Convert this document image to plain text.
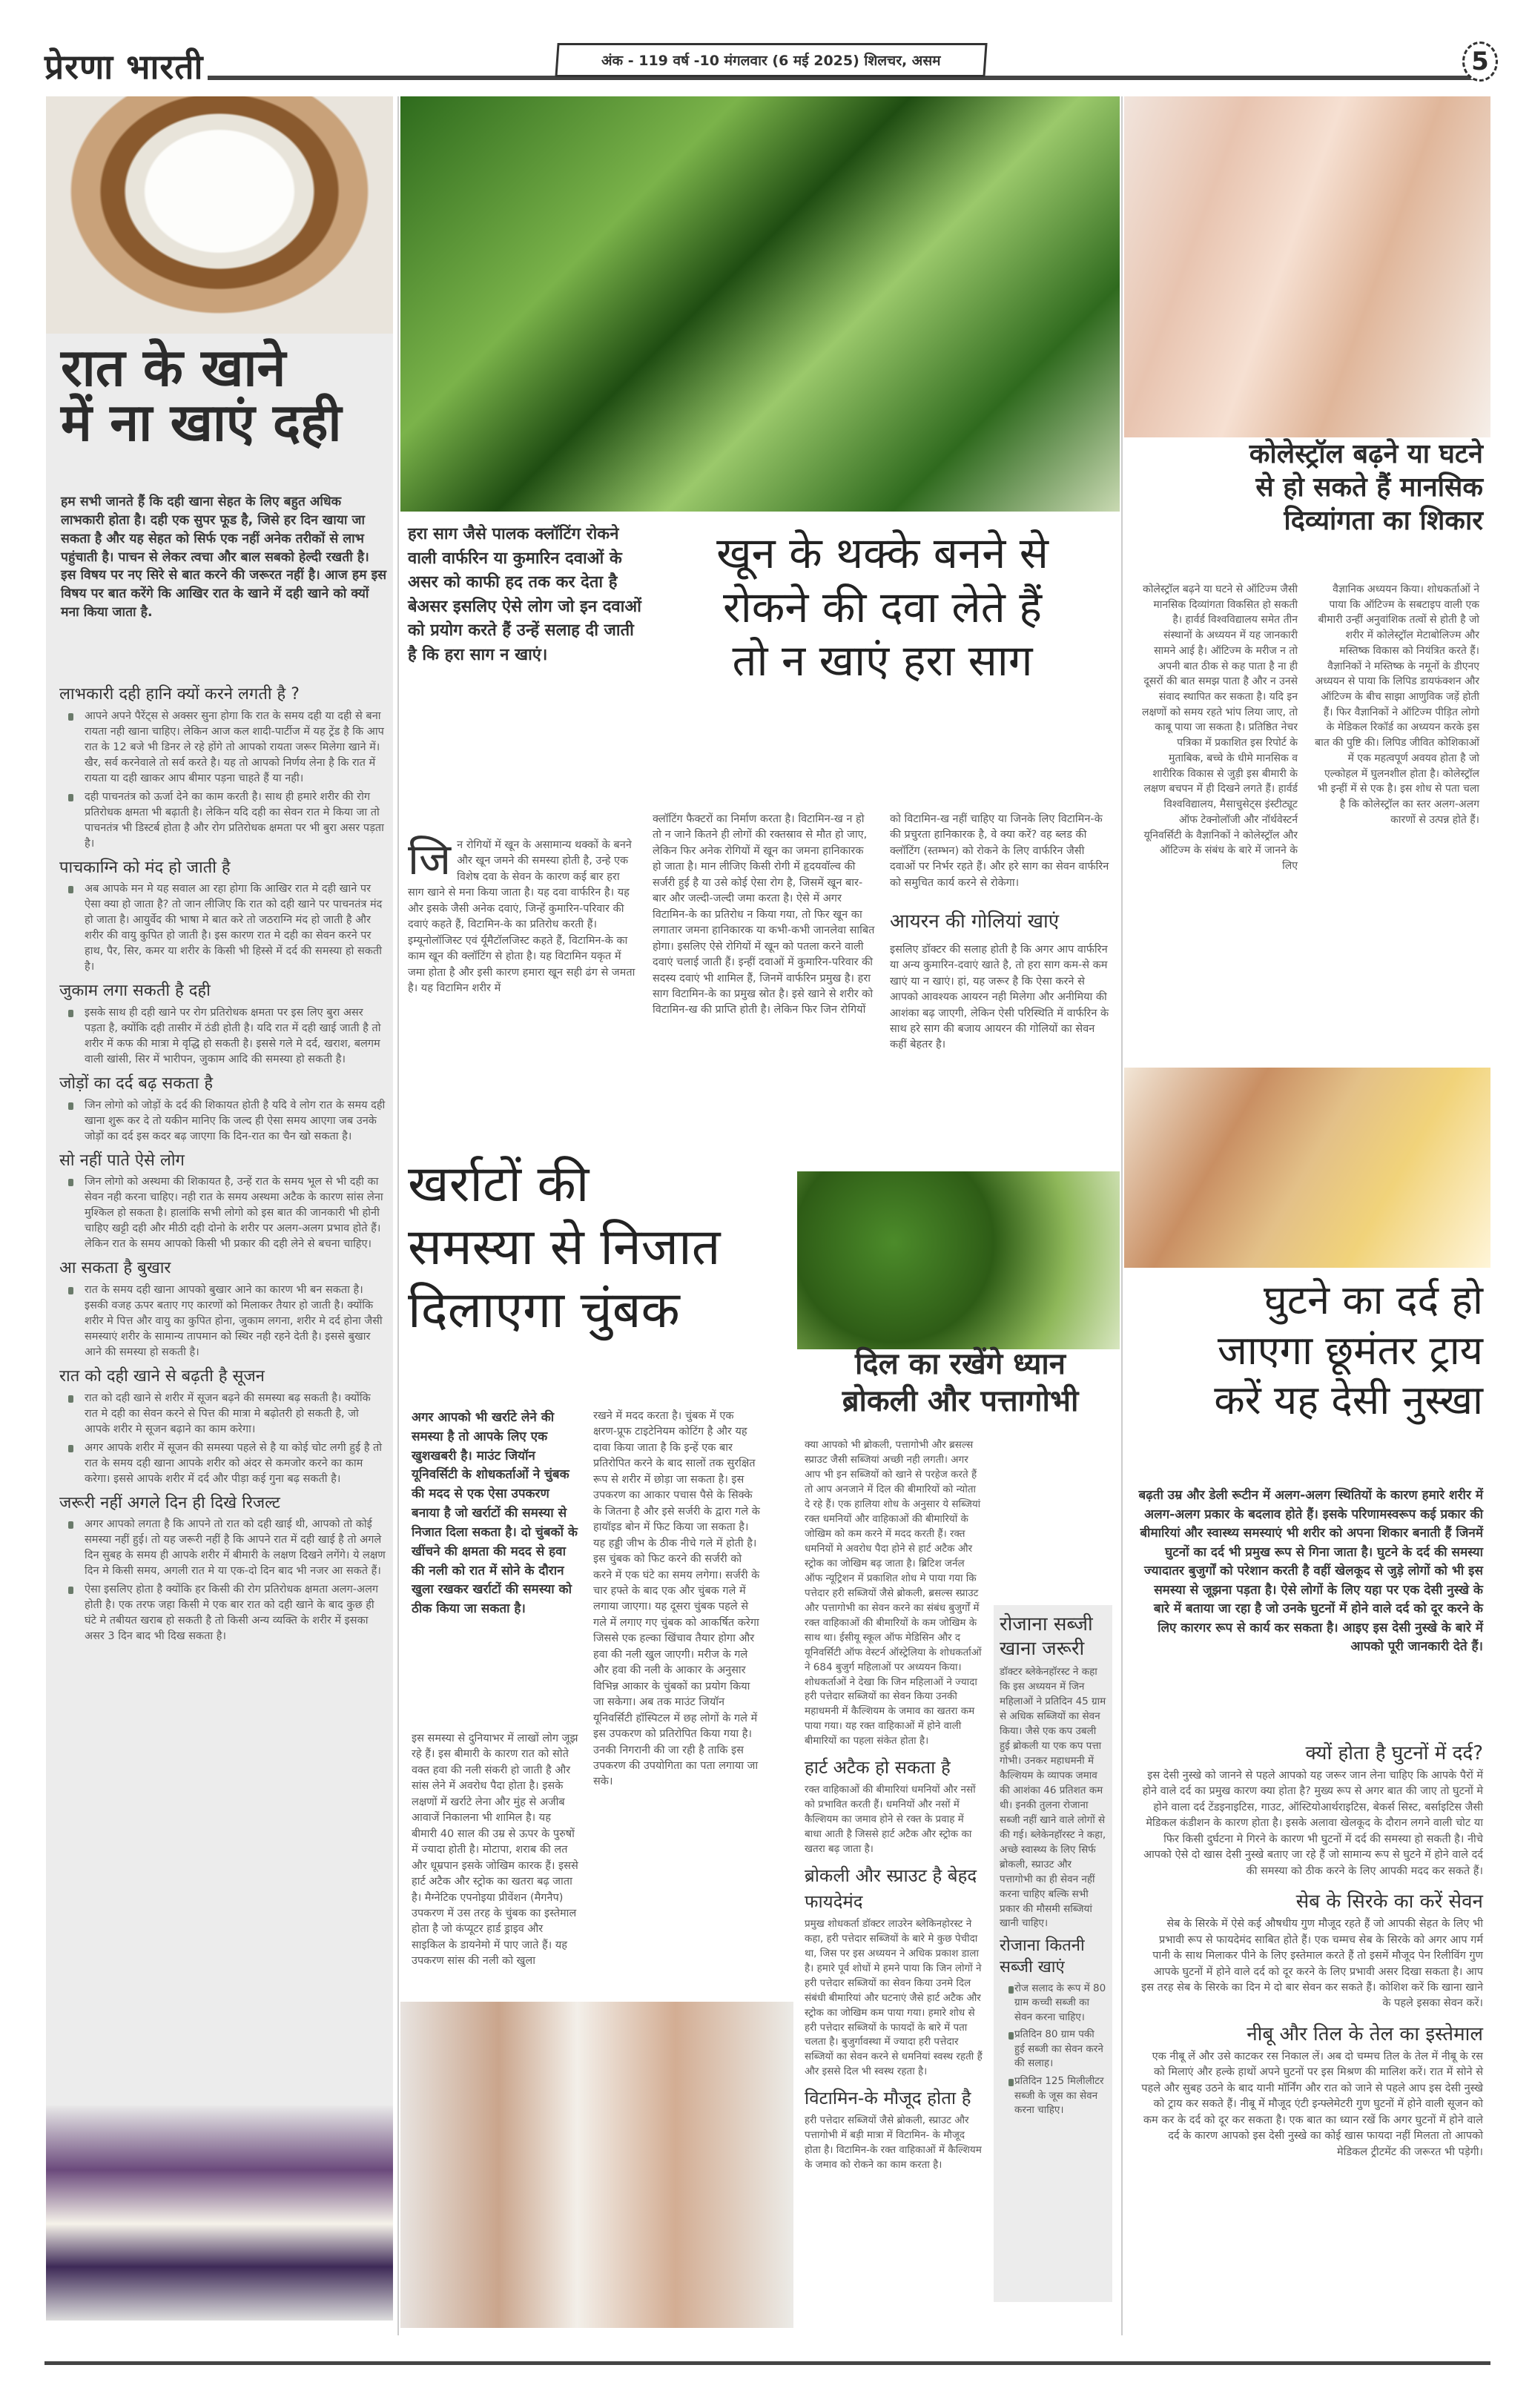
प्रेरणा भारती	अंक - 119 वर्ष -10 मंगलवार (6 मई 2025) शिलचर, असम	5
रात के खाने
में ना खाएं दही
हम सभी जानते हैं कि दही खाना सेहत के लिए बहुत अधिक लाभकारी होता है। दही एक सुपर फूड है, जिसे हर दिन खाया जा सकता है और यह सेहत को सिर्फ एक नहीं अनेक तरीकों से लाभ पहुंचाती है। पाचन से लेकर त्वचा और बाल सबको हेल्दी रखती है। इस विषय पर नए सिरे से बात करने की जरूरत नहीं है। आज हम इस विषय पर बात करेंगे कि आखिर रात के खाने में दही खाने को क्यों मना किया जाता है.
लाभकारी दही हानि क्यों करने लगती है ?
आपने अपने पैरेंट्स से अक्सर सुना होगा कि रात के समय दही या दही से बना रायता नही खाना चाहिए। लेकिन आज कल शादी-पार्टीज में यह ट्रेंड है कि आप रात के 12 बजे भी डिनर ले रहे होंगे तो आपको रायता जरूर मिलेगा खाने में। खैर, सर्व करनेवाले तो सर्व करते है। यह तो आपको निर्णय लेना है कि रात में रायता या दही खाकर आप बीमार पड़ना चाहते हैं या नही।
दही पाचनतंत्र को ऊर्जा देने का काम करती है। साथ ही हमारे शरीर की रोग प्रतिरोधक क्षमता भी बढ़ाती है। लेकिन यदि दही का सेवन रात मे किया जा तो पाचनतंत्र भी डिस्टर्ब होता है और रोग प्रतिरोधक क्षमता पर भी बुरा असर पड़ता है।
पाचकाग्नि को मंद हो जाती है
अब आपके मन मे यह सवाल आ रहा होगा कि आखिर रात मे दही खाने पर ऐसा क्या हो जाता है? तो जान लीजिए कि रात को दही खाने पर पाचनतंत्र मंद हो जाता है। आयुर्वेद की भाषा मे बात करे तो जठराग्नि मंद हो जाती है और शरीर की वायु कुपित हो जाती है। इस कारण रात मे दही का सेवन करने पर हाथ, पैर, सिर, कमर या शरीर के किसी भी हिस्से में दर्द की समस्या हो सकती है।
जुकाम लगा सकती है दही
इसके साथ ही दही खाने पर रोग प्रतिरोधक क्षमता पर इस लिए बुरा असर पड़ता है, क्योंकि दही तासीर में ठंडी होती है। यदि रात में दही खाई जाती है तो शरीर में कफ की मात्रा मे वृद्धि हो सकती है। इससे गले मे दर्द, खराश, बलगम वाली खांसी, सिर में भारीपन, जुकाम आदि की समस्या हो सकती है।
जोड़ों का दर्द बढ़ सकता है
जिन लोगो को जोड़ों के दर्द की शिकायत होती है यदि वे लोग रात के समय दही खाना शुरू कर दे तो यकीन मानिए कि जल्द ही ऐसा समय आएगा जब उनके जोड़ों का दर्द इस कदर बढ़ जाएगा कि दिन-रात का चैन खो सकता है।
सो नहीं पाते ऐसे लोग
जिन लोगो को अस्थमा की शिकायत है, उन्हें रात के समय भूल से भी दही का सेवन नही करना चाहिए। नही रात के समय अस्थमा अटैक के कारण सांस लेना मुश्किल हो सकता है। हालांकि सभी लोगो को इस बात की जानकारी भी होनी चाहिए खट्टी दही और मीठी दही दोनो के शरीर पर अलग-अलग प्रभाव होते हैं। लेकिन रात के समय आपको किसी भी प्रकार की दही लेने से बचना चाहिए।
आ सकता है बुखार
रात के समय दही खाना आपको बुखार आने का कारण भी बन सकता है। इसकी वजह ऊपर बताए गए कारणों को मिलाकर तैयार हो जाती है। क्योंकि शरीर मे पित्त और वायु का कुपित होना, जुकाम लगना, शरीर मे दर्द होना जैसी समस्याएं शरीर के सामान्य तापमान को स्थिर नही रहने देती है। इससे बुखार आने की समस्या हो सकती है।
रात को दही खाने से बढ़ती है सूजन
रात को दही खाने से शरीर में सूजन बढ़ने की समस्या बढ़ सकती है। क्योंकि रात मे दही का सेवन करने से पित्त की मात्रा मे बढ़ोतरी हो सकती है, जो आपके शरीर मे सूजन बढ़ाने का काम करेगा।
अगर आपके शरीर में सूजन की समस्या पहले से है या कोई चोट लगी हुई है तो रात के समय दही खाना आपके शरीर को अंदर से कमजोर करने का काम करेगा। इससे आपके शरीर में दर्द और पीड़ा कई गुना बढ़ सकती है।
जरूरी नहीं अगले दिन ही दिखे रिजल्ट
अगर आपको लगता है कि आपने तो रात को दही खाई थी, आपको तो कोई समस्या नहीं हुई। तो यह जरूरी नहीं है कि आपने रात में दही खाई है तो अगले दिन सुबह के समय ही आपके शरीर में बीमारी के लक्षण दिखने लगेंगे। ये लक्षण दिन मे किसी समय, अगली रात मे या एक-दो दिन बाद भी नजर आ सकते हैं।
ऐसा इसलिए होता है क्योंकि हर किसी की रोग प्रतिरोधक क्षमता अलग-अलग होती है। एक तरफ जहा किसी मे एक बार रात को दही खाने के बाद कुछ ही घंटे मे तबीयत खराब हो सकती है तो किसी अन्य व्यक्ति के शरीर में इसका असर 3 दिन बाद भी दिख सकता है।
हरा साग जैसे पालक क्लॉटिंग रोकने वाली वार्फरिन या कुमारिन दवाओं के असर को काफी हद तक कर देता है बेअसर इसलिए ऐसे लोग जो इन दवाओं को प्रयोग करते हैं उन्हें सलाह दी जाती है कि हरा साग न खाएं।
खून के थक्के बनने से
रोकने की दवा लेते हैं
तो न खाएं हरा साग
जिन रोगियों में खून के असामान्य थक्कों के बनने और खून जमने की समस्या होती है, उन्हे एक विशेष दवा के सेवन के कारण कई बार हरा साग खाने से मना किया जाता है। यह दवा वार्फरिन है। यह और इसके जैसी अनेक दवाएं, जिन्हें कुमारिन-परिवार की दवाएं कहते हैं, विटामिन-के का प्रतिरोध करती हैं। इम्यूनोलॉजिस्ट एवं र्यूमैटॉलजिस्ट कहते हैं, विटामिन-के का काम खून की क्लॉटिंग से होता है। यह विटामिन यकृत में जमा होता है और इसी कारण हमारा खून सही ढंग से जमता है। यह विटामिन शरीर में
क्लॉटिंग फैक्टरों का निर्माण करता है। विटामिन-ख न हो तो न जाने कितने ही लोगों की रक्तस्राव से मौत हो जाए, लेकिन फिर अनेक रोगियों में खून का जमना हानिकारक हो जाता है। मान लीजिए किसी रोगी में हृदयवॉल्व की सर्जरी हुई है या उसे कोई ऐसा रोग है, जिसमें खून बार-बार और जल्दी-जल्दी जमा करता है। ऐसे में अगर विटामिन-के का प्रतिरोध न किया गया, तो फिर खून का लगातार जमना हानिकारक या कभी-कभी जानलेवा साबित होगा। इसलिए ऐसे रोगियों में खून को पतला करने वाली दवाएं चलाई जाती हैं। इन्हीं दवाओं में कुमारिन-परिवार की सदस्य दवाएं भी शामिल हैं, जिनमें वार्फरिन प्रमुख है। हरा साग विटामिन-के का प्रमुख स्रोत है। इसे खाने से शरीर को विटामिन-ख की प्राप्ति होती है। लेकिन फिर जिन रोगियों
को विटामिन-ख नहीं चाहिए या जिनके लिए विटामिन-के की प्रचुरता हानिकारक है, वे क्या करें? वह ब्लड की क्लॉटिंग (स्तम्भन) को रोकने के लिए वार्फरिन जैसी दवाओं पर निर्भर रहते हैं। और हरे साग का सेवन वार्फरिन को समुचित कार्य करने से रोकेगा।
आयरन की गोलियां खाएं
इसलिए डॉक्टर की सलाह होती है कि अगर आप वार्फरिन या अन्य कुमारिन-दवाएं खाते है, तो हरा साग कम-से कम खाएं या न खाएं। हां, यह जरूर है कि ऐसा करने से आपको आवश्यक आयरन नही मिलेगा और अनीमिया की आशंका बढ़ जाएगी, लेकिन ऐसी परिस्थिति में वार्फरिन के साथ हरे साग की बजाय आयरन की गोलियों का सेवन कहीं बेहतर है।
कोलेस्ट्रॉल बढ़ने या घटने
से हो सकते हैं मानसिक
दिव्यांगता का शिकार
कोलेस्ट्रॉल बढ़ने या घटने से ऑटिज्म जैसी मानसिक दिव्यांगता विकसित हो सकती है। हार्वर्ड विश्वविद्यालय समेत तीन संस्थानों के अध्ययन में यह जानकारी सामने आई है। ऑटिज्म के मरीज न तो अपनी बात ठीक से कह पाता है ना ही दूसरों की बात समझ पाता है और न उनसे संवाद स्थापित कर सकता है। यदि इन लक्षणों को समय रहते भांप लिया जाए, तो काबू पाया जा सकता है। प्रतिष्ठित नेचर पत्रिका में प्रकाशित इस रिपोर्ट के मुताबिक, बच्चे के धीमे मानसिक व शारीरिक विकास से जुड़ी इस बीमारी के लक्षण बचपन में ही दिखने लगते हैं। हार्वर्ड विश्वविद्यालय, मैसाचुसेट्स इंस्टीट्यूट ऑफ टेक्नोलॉजी और नॉर्थवेस्टर्न यूनिवर्सिटी के वैज्ञानिकों ने कोलेस्ट्रॉल और ऑटिज्म के संबंध के बारे में जानने के लिए
वैज्ञानिक अध्ययन किया। शोधकर्ताओं ने पाया कि ऑटिज्म के सबटाइप वाली एक बीमारी उन्हीं अनुवांशिक तत्वों से होती है जो शरीर में कोलेस्ट्रॉल मेटाबोलिज्म और मस्तिष्क विकास को नियंत्रित करते हैं। वैज्ञानिकों ने मस्तिष्क के नमूनों के डीएनए अध्ययन से पाया कि लिपिड डायफंक्शन और ऑटिज्म के बीच साझा आणुविक जड़ें होती हैं। फिर वैज्ञानिकों ने ऑटिज्म पीड़ित लोगो के मेडिकल रिकॉर्ड का अध्ययन करके इस बात की पुष्टि की। लिपिड जीवित कोशिकाओं में एक महत्वपूर्ण अवयव होता है जो एल्कोहल में घुलनशील होता है। कोलेस्ट्रॉल भी इन्हीं में से एक है। इस शोध से पता चला है कि कोलेस्ट्रॉल का स्तर अलग-अलग कारणों से उत्पन्न होते हैं।
खर्राटों की
समस्या से निजात
दिलाएगा चुंबक
अगर आपको भी खर्राटे लेने की समस्या है तो आपके लिए एक खुशखबरी है। माउंट जियॉन यूनिवर्सिटी के शोधकर्ताओं ने चुंबक की मदद से एक ऐसा उपकरण बनाया है जो खर्राटों की समस्या से निजात दिला सकता है। दो चुंबकों के खींचने की क्षमता की मदद से हवा की नली को रात में सोने के दौरान खुला रखकर खर्राटों की समस्या को ठीक किया जा सकता है।
इस समस्या से दुनियाभर में लाखों लोग जूझ रहे हैं। इस बीमारी के कारण रात को सोते वक्त हवा की नली संकरी हो जाती है और सांस लेने में अवरोध पैदा होता है। इसके लक्षणों में खर्राटे लेना और मुंह से अजीब आवाजें निकालना भी शामिल है। यह बीमारी 40 साल की उम्र से ऊपर के पुरुषों में ज्यादा होती है। मोटापा, शराब की लत और धूम्रपान इसके जोखिम कारक हैं। इससे हार्ट अटैक और स्ट्रोक का खतरा बढ़ जाता है। मैग्नेटिक एपनोइया प्रीवेंशन (मैगनैप) उपकरण में उस तरह के चुंबक का इस्तेमाल होता है जो कंप्यूटर हार्ड ड्राइव और साइकिल के डायनेमो में पाए जाते हैं। यह उपकरण सांस की नली को खुला
रखने में मदद करता है। चुंबक में एक क्षरण-प्रूफ टाइटेनियम कोटिंग है और यह दावा किया जाता है कि इन्हें एक बार प्रतिरोपित करने के बाद सालों तक सुरक्षित रूप से शरीर में छोड़ा जा सकता है। इस उपकरण का आकार पचास पैसे के सिक्के के जितना है और इसे सर्जरी के द्वारा गले के हायॉइड बोन में फिट किया जा सकता है। यह हड्डी जीभ के ठीक नीचे गले में होती है। इस चुंबक को फिट करने की सर्जरी को करने में एक घंटे का समय लगेगा। सर्जरी के चार हफ्ते के बाद एक और चुंबक गले में लगाया जाएगा। यह दूसरा चुंबक पहले से गले में लगाए गए चुंबक को आकर्षित करेगा जिससे एक हल्का खिंचाव तैयार होगा और हवा की नली खुल जाएगी। मरीज के गले और हवा की नली के आकार के अनुसार विभिन्न आकार के चुंबकों का प्रयोग किया जा सकेगा। अब तक माउंट जियॉन यूनिवर्सिटी हॉस्पिटल में छह लोगों के गले में इस उपकरण को प्रतिरोपित किया गया है। उनकी निगरानी की जा रही है ताकि इस उपकरण की उपयोगिता का पता लगाया जा सके।
दिल का रखेंगे ध्यान
ब्रोकली और पत्तागोभी
क्या आपको भी ब्रोकली, पत्तागोभी और ब्रसल्स स्प्राउट जैसी सब्जियां अच्छी नही लगती। अगर आप भी इन सब्जियों को खाने से परहेज करते हैं तो आप अनजाने में दिल की बीमारियों को न्योता दे रहे हैं। एक हालिया शोध के अनुसार ये सब्जियां रक्त धमनियों और वाहिकाओं की बीमारियों के जोखिम को कम करने में मदद करती हैं। रक्त धमनियों मे अवरोध पैदा होने से हार्ट अटैक और स्ट्रोक का जोखिम बढ़ जाता है। ब्रिटिश जर्नल ऑफ न्यूट्रिशन में प्रकाशित शोध मे पाया गया कि पत्तेदार हरी सब्जियों जैसे ब्रोकली, ब्रसल्स स्प्राउट और पत्तागोभी का सेवन करने का संबंध बुजुर्गों में रक्त वाहिकाओं की बीमारियों के कम जोखिम के साथ था। ईसीयू स्कूल ऑफ मेडिसिन और द यूनिवर्सिटी ऑफ वेस्टर्न ऑस्ट्रेलिया के शोधकर्ताओं ने 684 बुजुर्ग महिलाओं पर अध्ययन किया। शोधकर्ताओं ने देखा कि जिन महिलाओं ने ज्यादा हरी पत्तेदार सब्जियों का सेवन किया उनकी महाधमनी में कैल्शियम के जमाव का खतरा कम पाया गया। यह रक्त वाहिकाओं में होने वाली बीमारियों का पहला संकेत होता है।
हार्ट अटैक हो सकता है
रक्त वाहिकाओं की बीमारियां धमनियों और नसों को प्रभावित करती हैं। धमनियों और नसों में कैल्शियम का जमाव होने से रक्त के प्रवाह में बाधा आती है जिससे हार्ट अटैक और स्ट्रोक का खतरा बढ़ जाता है।
ब्रोकली और स्प्राउट है बेहद फायदेमंद
प्रमुख शोधकर्ता डॉक्टर लाउरेन ब्लेकिनहोरस्ट ने कहा, हरी पत्तेदार सब्जियों के बारे मे कुछ पेचीदा था, जिस पर इस अध्ययन ने अधिक प्रकाश डाला है। हमारे पूर्व शोधों मे हमने पाया कि जिन लोगों ने हरी पत्तेदार सब्जियों का सेवन किया उनमे दिल संबंधी बीमारियां और घटनाएं जैसे हार्ट अटैक और स्ट्रोक का जोखिम कम पाया गया। हमारे शोध से हरी पत्तेदार सब्जियों के फायदों के बारे में पता चलता है। बुजुर्गावस्था में ज्यादा हरी पत्तेदार सब्जियों का सेवन करने से धमनियां स्वस्थ रहती हैं और इससे दिल भी स्वस्थ रहता है।
विटामिन-के मौजूद होता है
हरी पत्तेदार सब्जियों जैसे ब्रोकली, स्प्राउट और पत्तागोभी में बड़ी मात्रा में विटामिन- के मौजूद होता है। विटामिन-के रक्त वाहिकाओं में कैल्शियम के जमाव को रोकने का काम करता है।
रोजाना सब्जी खाना जरूरी
डॉक्टर ब्लेकेनहॉरस्ट ने कहा कि इस अध्ययन में जिन महिलाओं ने प्रतिदिन 45 ग्राम से अधिक सब्जियों का सेवन किया। जैसे एक कप उबली हुई ब्रोकली या एक कप पत्ता गोभी। उनकर महाधमनी में कैल्शियम के व्यापक जमाव की आशंका 46 प्रतिशत कम थी। इनकी तुलना रोजाना सब्जी नहीं खाने वाले लोगों से की गई। ब्लेकेनहॉरस्ट ने कहा, अच्छे स्वास्थ्य के लिए सिर्फ ब्रोकली, स्प्राउट और पत्तागोभी का ही सेवन नहीं करना चाहिए बल्कि सभी प्रकार की मौसमी सब्जियां खानी चाहिए।
रोजाना कितनी सब्जी खाएं
रोज सलाद के रूप में 80 ग्राम कच्ची सब्जी का सेवन करना चाहिए।
प्रतिदिन 80 ग्राम पकी हुई सब्जी का सेवन करने की सलाह।
प्रतिदिन 125 मिलीलीटर सब्जी के जूस का सेवन करना चाहिए।
घुटने का दर्द हो
जाएगा छूमंतर ट्राय
करें यह देसी नुस्खा
बढ़ती उम्र और डेली रूटीन में अलग-अलग स्थितियों के कारण हमारे शरीर में अलग-अलग प्रकार के बदलाव होते हैं। इसके परिणामस्वरूप कई प्रकार की बीमारियां और स्वास्थ्य समस्याएं भी शरीर को अपना शिकार बनाती हैं जिनमें घुटनों का दर्द भी प्रमुख रूप से गिना जाता है। घुटने के दर्द की समस्या ज्यादातर बुजुर्गों को परेशान करती है वहीं खेलकूद से जुड़े लोगों को भी इस समस्या से जूझना पड़ता है। ऐसे लोगों के लिए यहा पर एक देसी नुस्खे के बारे में बताया जा रहा है जो उनके घुटनों में होने वाले दर्द को दूर करने के लिए कारगर रूप से कार्य कर सकता है। आइए इस देसी नुस्खे के बारे में आपको पूरी जानकारी देते हैं।
क्यों होता है घुटनों में दर्द?
इस देसी नुस्खे को जानने से पहले आपको यह जरूर जान लेना चाहिए कि आपके पैरों में होने वाले दर्द का प्रमुख कारण क्या होता है? मुख्य रूप से अगर बात की जाए तो घुटनों मे होने वाला दर्द टेंडइनाइटिस, गाउट, ऑस्टियोआर्थराइटिस, बेकर्स सिस्ट, बर्साइटिस जैसी मेडिकल कंडीशन के कारण होता है। इसके अलावा खेलकूद के दौरान लगने वाली चोट या फिर किसी दुर्घटना मे गिरने के कारण भी घुटनों में दर्द की समस्या हो सकती है। नीचे आपको ऐसे दो खास देसी नुस्खे बताए जा रहे हैं जो सामान्य रूप से घुटने में होने वाले दर्द की समस्या को ठीक करने के लिए आपकी मदद कर सकते हैं।
सेब के सिरके का करें सेवन
सेब के सिरके में ऐसे कई औषधीय गुण मौजूद रहते हैं जो आपकी सेहत के लिए भी प्रभावी रूप से फायदेमंद साबित होते हैं। एक चम्मच सेब के सिरके को अगर आप गर्म पानी के साथ मिलाकर पीने के लिए इस्तेमाल करते हैं तो इसमें मौजूद पेन रिलीविंग गुण आपके घुटनों में होने वाले दर्द को दूर करने के लिए प्रभावी असर दिखा सकता है। आप इस तरह सेब के सिरके का दिन मे दो बार सेवन कर सकते हैं। कोशिश करें कि खाना खाने के पहले इसका सेवन करें।
नीबू और तिल के तेल का इस्तेमाल
एक नीबू लें और उसे काटकर रस निकाल लें। अब दो चम्मच तिल के तेल में नीबू के रस को मिलाएं और हल्के हाथों अपने घुटनों पर इस मिश्रण की मालिश करें। रात में सोने से पहले और सुबह उठने के बाद यानी मॉर्निंग और रात को जाने से पहले आप इस देसी नुस्खे को ट्राय कर सकते हैं। नीबू में मौजूद एंटी इन्फ्लेमेटरी गुण घुटनों में होने वाली सूजन को कम कर के दर्द को दूर कर सकता है। एक बात का ध्यान रखें कि अगर घुटनों में होने वाले दर्द के कारण आपको इस देसी नुस्खे का कोई खास फायदा नहीं मिलता तो आपको मेडिकल ट्रीटमेंट की जरूरत भी पड़ेगी।
